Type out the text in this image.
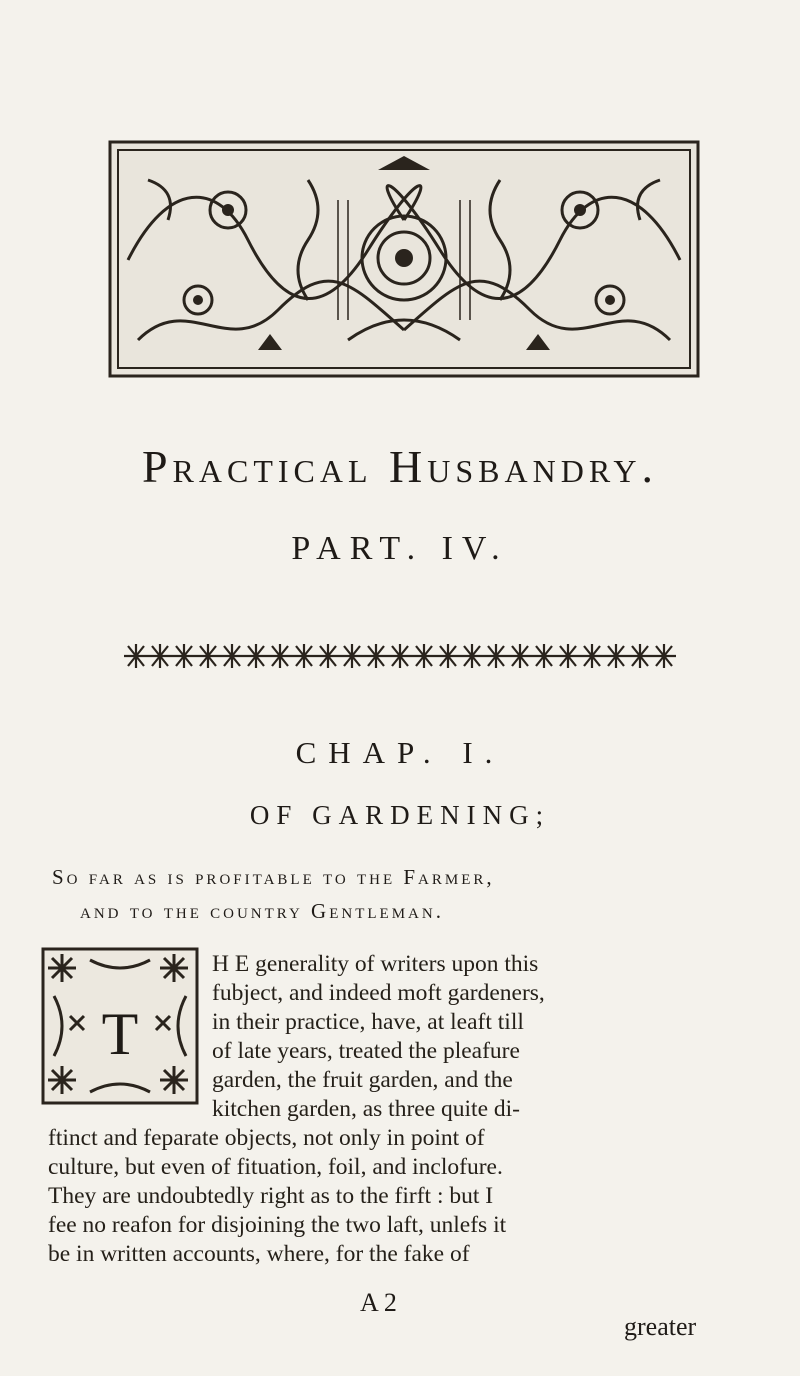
Practical Husbandry.
PART. IV.
CHAP. I.
OF GARDENING;
So far as is profitable to the Farmer,
and to the country Gentleman.
T
H E generality of writers upon this
fubject, and indeed moft gardeners,
in their practice, have, at leaft till
of late years, treated the pleafure
garden, the fruit garden, and the
kitchen garden, as three quite di-
ftinct and feparate objects, not only in point of
culture, but even of fituation, foil, and inclofure.
They are undoubtedly right as to the firft : but I
fee no reafon for disjoining the two laft, unlefs it
be in written accounts, where, for the fake of
A 2
greater
